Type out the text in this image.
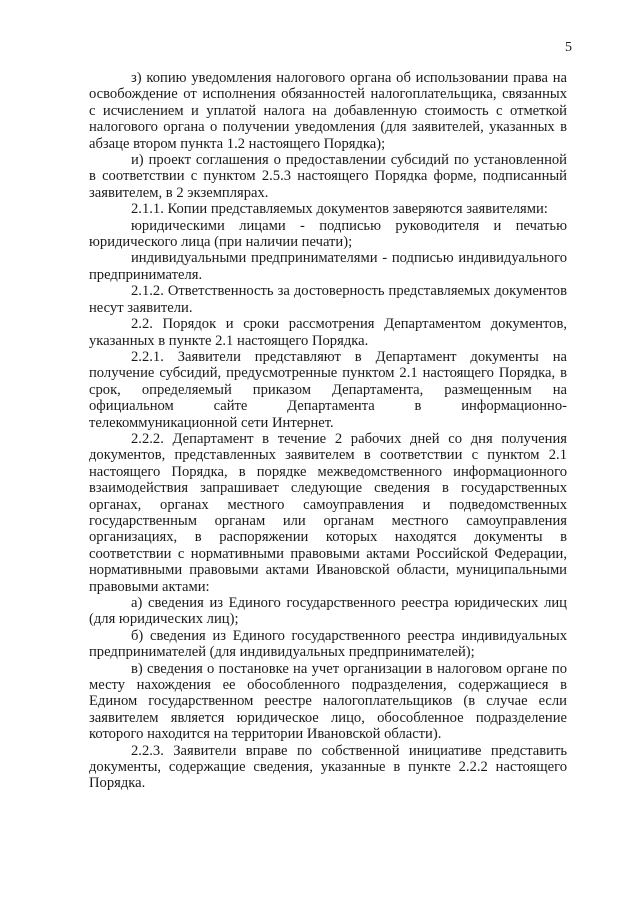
5

з) копию уведомления налогового органа об использовании права на освобождение от исполнения обязанностей налогоплательщика, связанных с исчислением и уплатой налога на добавленную стоимость с отметкой налогового органа о получении уведомления (для заявителей, указанных в абзаце втором пункта 1.2 настоящего Порядка);

и) проект соглашения о предоставлении субсидий по установленной в соответствии с пунктом 2.5.3 настоящего Порядка форме, подписанный заявителем, в 2 экземплярах.

2.1.1. Копии представляемых документов заверяются заявителями:

юридическими лицами - подписью руководителя и печатью юридического лица (при наличии печати);

индивидуальными предпринимателями - подписью индивидуального предпринимателя.

2.1.2. Ответственность за достоверность представляемых документов несут заявители.

2.2. Порядок и сроки рассмотрения Департаментом документов, указанных в пункте 2.1 настоящего Порядка.

2.2.1. Заявители представляют в Департамент документы на получение субсидий, предусмотренные пунктом 2.1 настоящего Порядка, в срок, определяемый приказом Департамента, размещенным на официальном сайте Департамента в информационно-телекоммуникационной сети Интернет.

2.2.2. Департамент в течение 2 рабочих дней со дня получения документов, представленных заявителем в соответствии с пунктом 2.1 настоящего Порядка, в порядке межведомственного информационного взаимодействия запрашивает следующие сведения в государственных органах, органах местного самоуправления и подведомственных государственным органам или органам местного самоуправления организациях, в распоряжении которых находятся документы в соответствии с нормативными правовыми актами Российской Федерации, нормативными правовыми актами Ивановской области, муниципальными правовыми актами:

а) сведения из Единого государственного реестра юридических лиц (для юридических лиц);

б) сведения из Единого государственного реестра индивидуальных предпринимателей (для индивидуальных предпринимателей);

в) сведения о постановке на учет организации в налоговом органе по месту нахождения ее обособленного подразделения, содержащиеся в Едином государственном реестре налогоплательщиков (в случае если заявителем является юридическое лицо, обособленное подразделение которого находится на территории Ивановской области).

2.2.3. Заявители вправе по собственной инициативе представить документы, содержащие сведения, указанные в пункте 2.2.2 настоящего Порядка.
